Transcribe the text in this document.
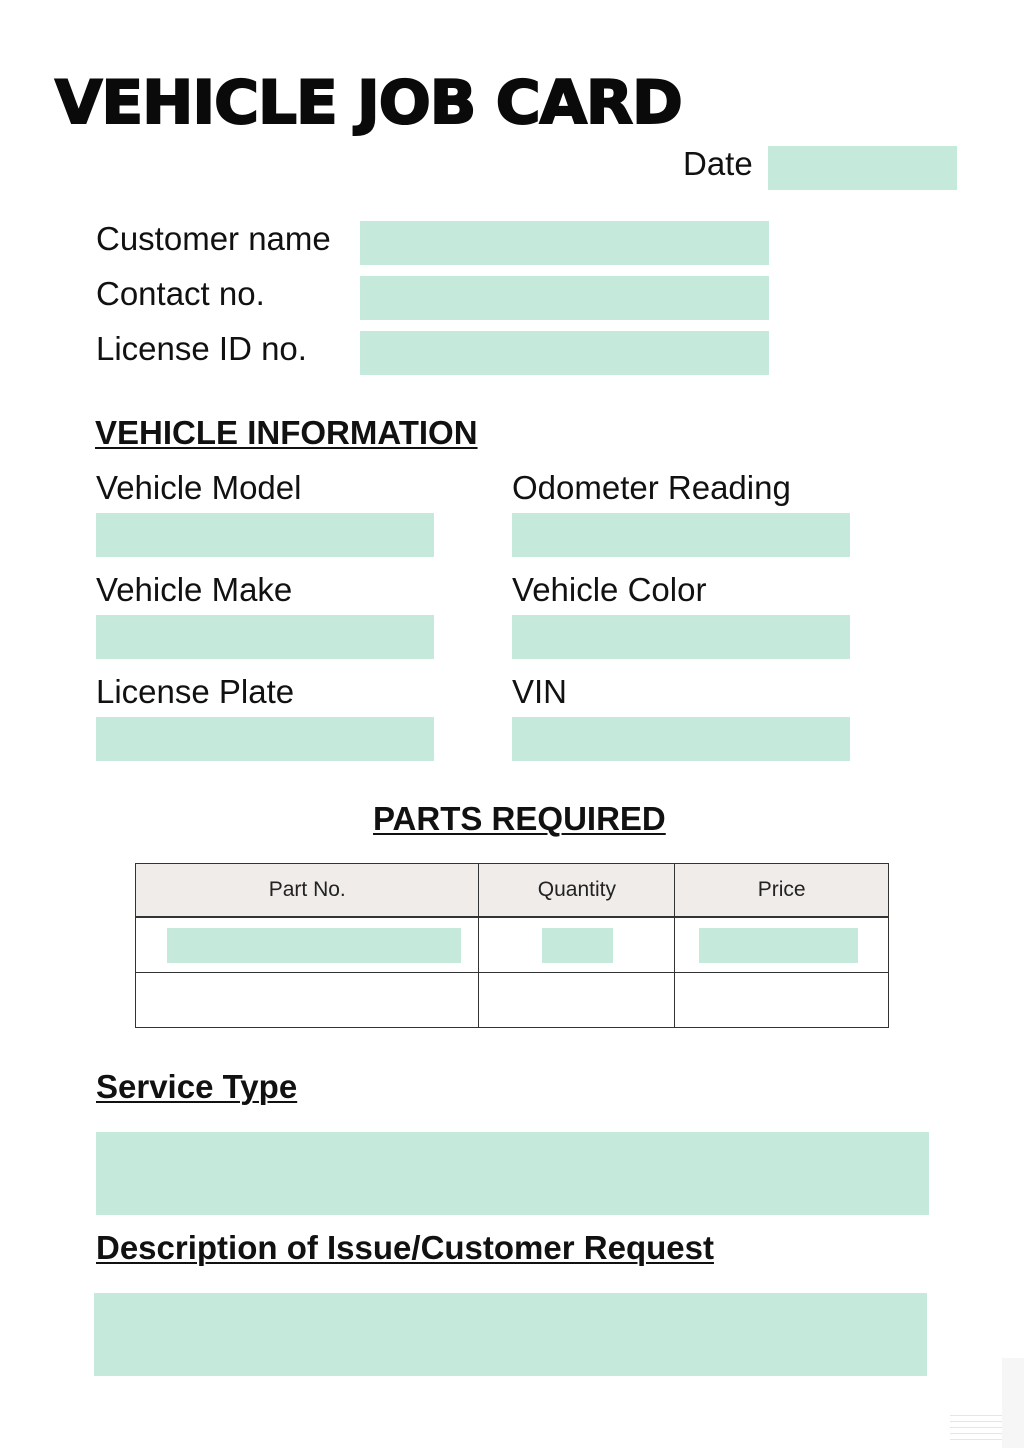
VEHICLE JOB CARD
Date
Customer name
Contact no.
License ID no.
VEHICLE INFORMATION
Vehicle Model	Odometer Reading
Vehicle Make	Vehicle Color
License Plate	VIN
PARTS REQUIRED
Part No.	Quantity	Price

Service Type
Description of Issue/Customer Request
